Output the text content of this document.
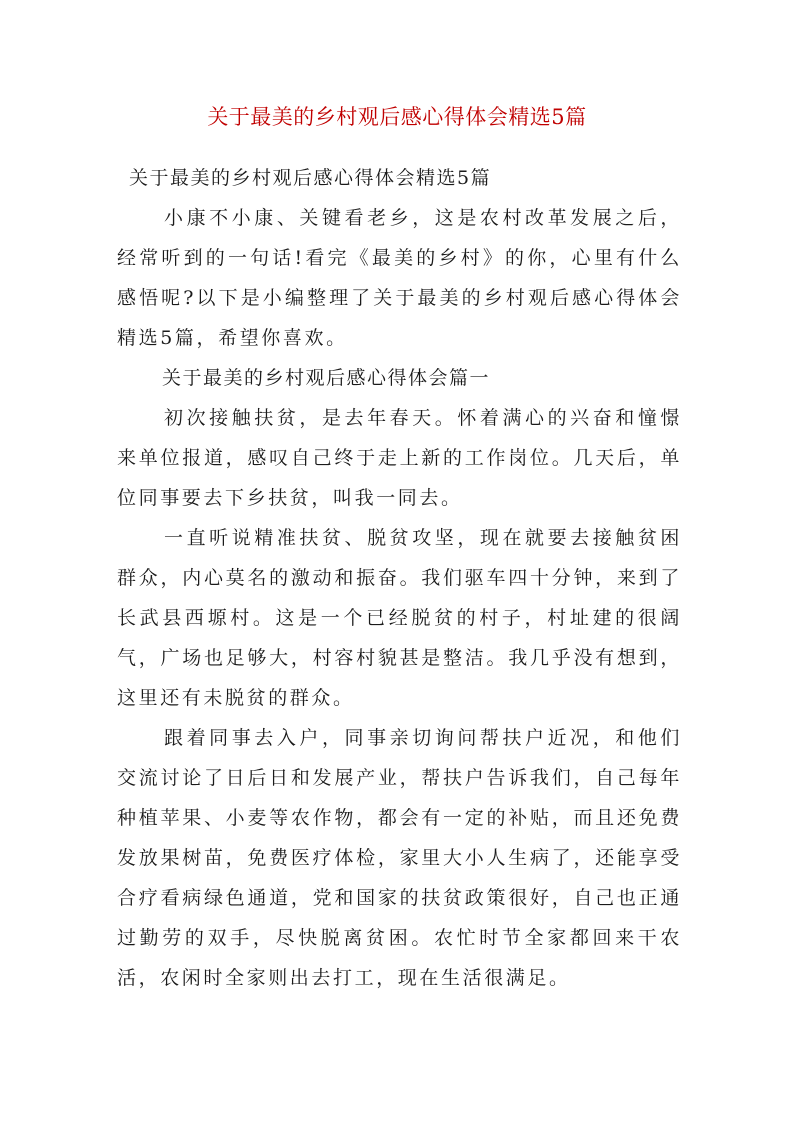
关于最美的乡村观后感心得体会精选5篇

关于最美的乡村观后感心得体会精选5篇

小康不小康、关键看老乡，这是农村改革发展之后，经常听到的一句话!看完《最美的乡村》的你，心里有什么感悟呢?以下是小编整理了关于最美的乡村观后感心得体会精选5篇，希望你喜欢。

关于最美的乡村观后感心得体会篇一

初次接触扶贫，是去年春天。怀着满心的兴奋和憧憬来单位报道，感叹自己终于走上新的工作岗位。几天后，单位同事要去下乡扶贫，叫我一同去。

一直听说精准扶贫、脱贫攻坚，现在就要去接触贫困群众，内心莫名的激动和振奋。我们驱车四十分钟，来到了长武县西塬村。这是一个已经脱贫的村子，村址建的很阔气，广场也足够大，村容村貌甚是整洁。我几乎没有想到，这里还有未脱贫的群众。

跟着同事去入户，同事亲切询问帮扶户近况，和他们交流讨论了日后日和发展产业，帮扶户告诉我们，自己每年种植苹果、小麦等农作物，都会有一定的补贴，而且还免费发放果树苗，免费医疗体检，家里大小人生病了，还能享受合疗看病绿色通道，党和国家的扶贫政策很好，自己也正通过勤劳的双手，尽快脱离贫困。农忙时节全家都回来干农活，农闲时全家则出去打工，现在生活很满足。
